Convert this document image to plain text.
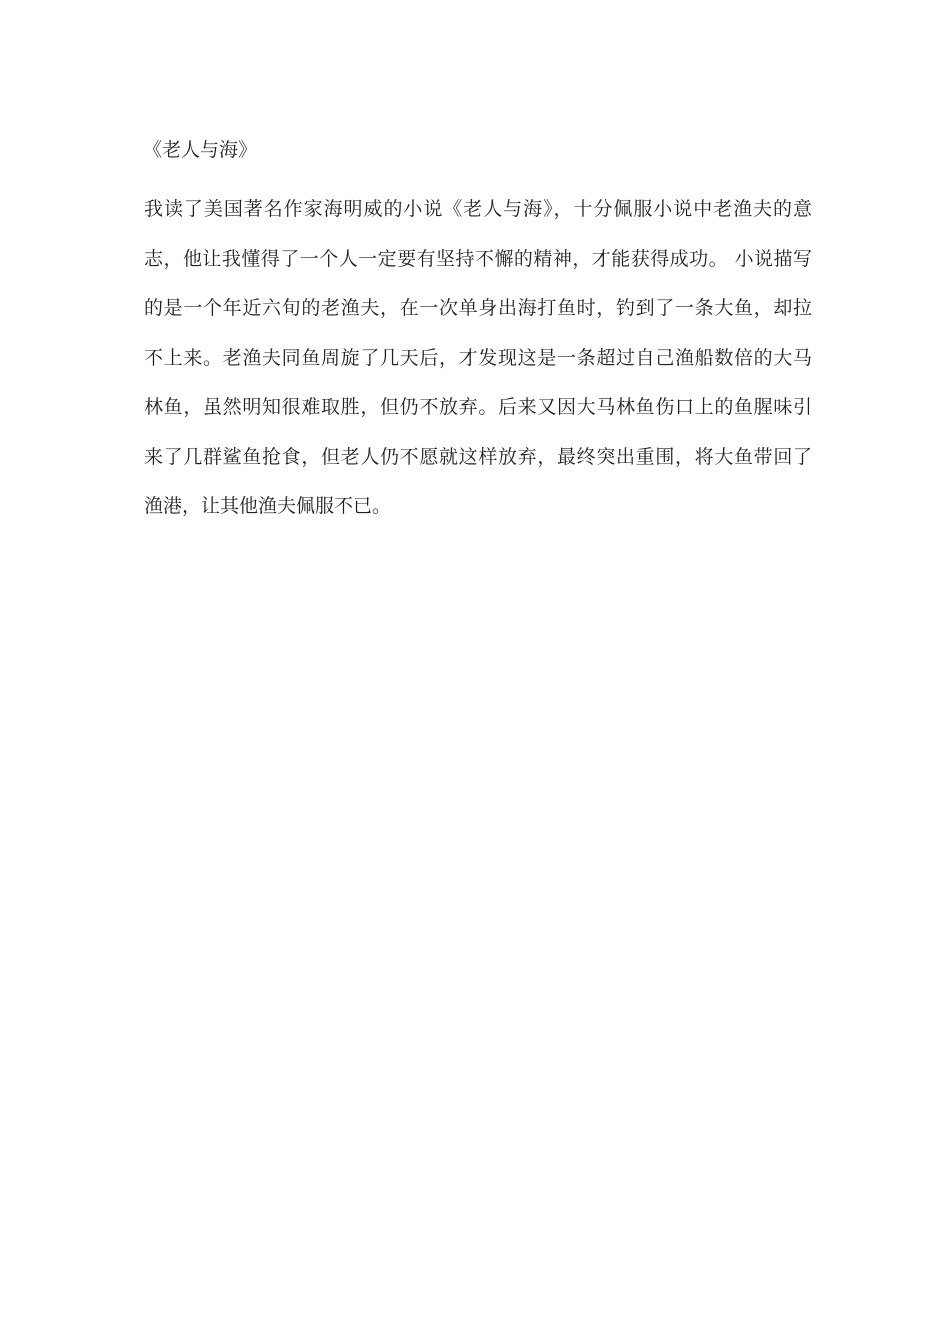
《老人与海》
我读了美国著名作家海明威的小说《老人与海》，十分佩服小说中老渔夫的意
志，他让我懂得了一个人一定要有坚持不懈的精神，才能获得成功。 小说描写
的是一个年近六旬的老渔夫，在一次单身出海打鱼时，钓到了一条大鱼，却拉
不上来。老渔夫同鱼周旋了几天后，才发现这是一条超过自己渔船数倍的大马
林鱼，虽然明知很难取胜，但仍不放弃。后来又因大马林鱼伤口上的鱼腥味引
来了几群鲨鱼抢食，但老人仍不愿就这样放弃，最终突出重围，将大鱼带回了
渔港，让其他渔夫佩服不已。
